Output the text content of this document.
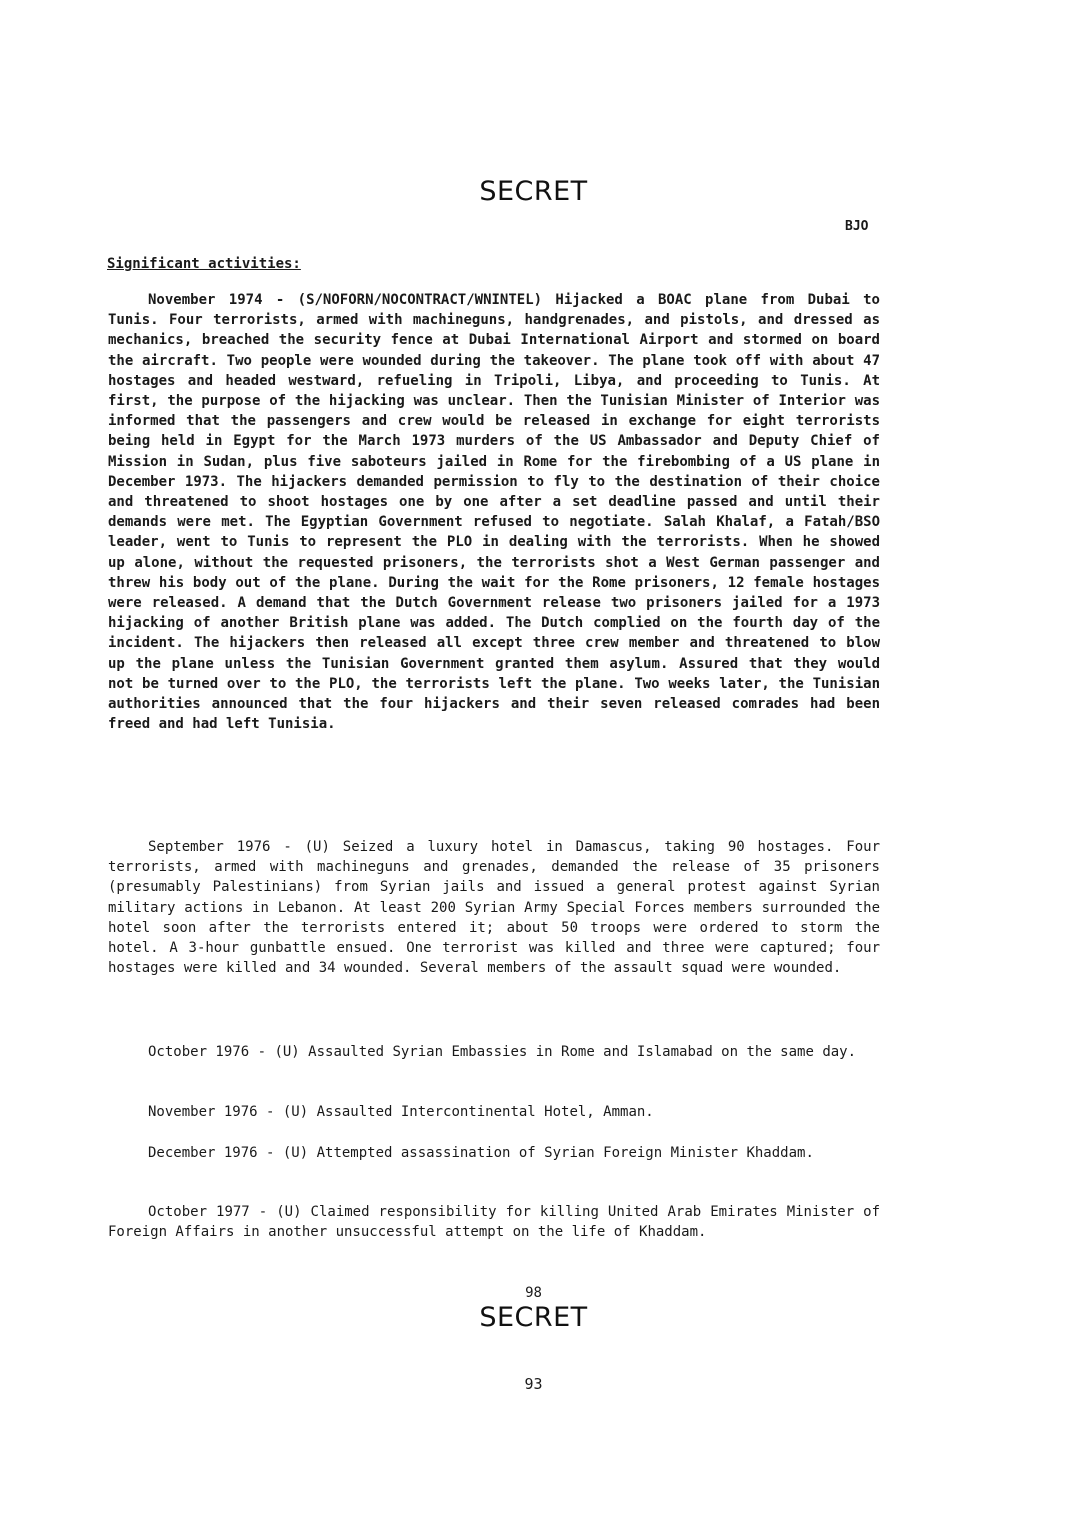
SECRET
BJO
Significant activities:

November 1974 - (S/NOFORN/NOCONTRACT/WNINTEL) Hijacked a BOAC plane from Dubai to Tunis. Four terrorists, armed with machineguns, handgrenades, and pistols, and dressed as mechanics, breached the security fence at Dubai International Airport and stormed on board the aircraft. Two people were wounded during the takeover. The plane took off with about 47 hostages and headed westward, refueling in Tripoli, Libya, and proceeding to Tunis. At first, the purpose of the hijacking was unclear. Then the Tunisian Minister of Interior was informed that the passengers and crew would be released in exchange for eight terrorists being held in Egypt for the March 1973 murders of the US Ambassador and Deputy Chief of Mission in Sudan, plus five saboteurs jailed in Rome for the firebombing of a US plane in December 1973. The hijackers demanded permission to fly to the destination of their choice and threatened to shoot hostages one by one after a set deadline passed and until their demands were met. The Egyptian Government refused to negotiate. Salah Khalaf, a Fatah/BSO leader, went to Tunis to represent the PLO in dealing with the terrorists. When he showed up alone, without the requested prisoners, the terrorists shot a West German passenger and threw his body out of the plane. During the wait for the Rome prisoners, 12 female hostages were released. A demand that the Dutch Government release two prisoners jailed for a 1973 hijacking of another British plane was added. The Dutch complied on the fourth day of the incident. The hijackers then released all except three crew member and threatened to blow up the plane unless the Tunisian Government granted them asylum. Assured that they would not be turned over to the PLO, the terrorists left the plane. Two weeks later, the Tunisian authorities announced that the four hijackers and their seven released comrades had been freed and had left Tunisia.

September 1976 - (U) Seized a luxury hotel in Damascus, taking 90 hostages. Four terrorists, armed with machineguns and grenades, demanded the release of 35 prisoners (presumably Palestinians) from Syrian jails and issued a general protest against Syrian military actions in Lebanon. At least 200 Syrian Army Special Forces members surrounded the hotel soon after the terrorists entered it; about 50 troops were ordered to storm the hotel. A 3-hour gunbattle ensued. One terrorist was killed and three were captured; four hostages were killed and 34 wounded. Several members of the assault squad were wounded.

October 1976 - (U) Assaulted Syrian Embassies in Rome and Islamabad on the same day.

November 1976 - (U) Assaulted Intercontinental Hotel, Amman.

December 1976 - (U) Attempted assassination of Syrian Foreign Minister Khaddam.

October 1977 - (U) Claimed responsibility for killing United Arab Emirates Minister of Foreign Affairs in another unsuccessful attempt on the life of Khaddam.

98
SECRET
93
